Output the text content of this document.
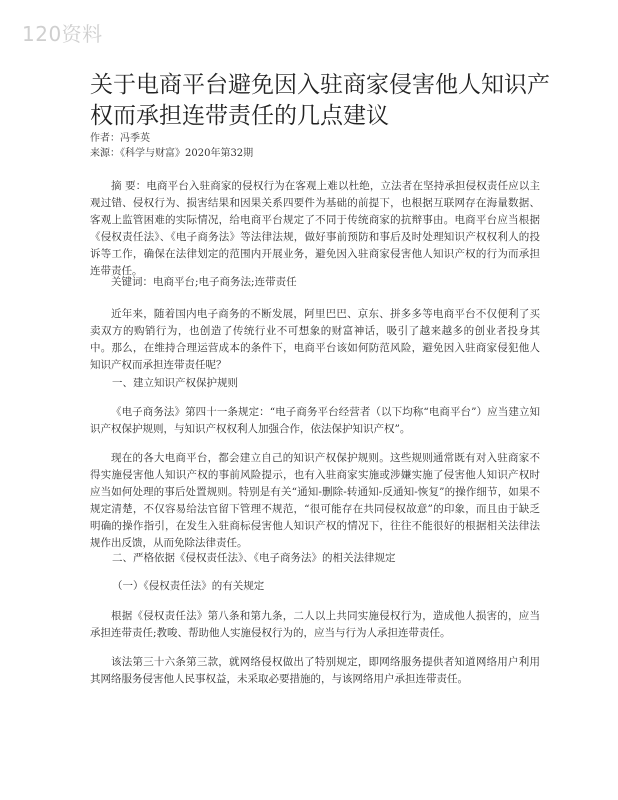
120资料
关于电商平台避免因入驻商家侵害他人知识产权而承担连带责任的几点建议
作者：冯季英
来源：《科学与财富》2020年第32期

摘 要：电商平台入驻商家的侵权行为在客观上难以杜绝，立法者在坚持承担侵权责任应以主观过错、侵权行为、损害结果和因果关系四要件为基础的前提下，也根据互联网存在海量数据、客观上监管困难的实际情况，给电商平台规定了不同于传统商家的抗辩事由。电商平台应当根据《侵权责任法》、《电子商务法》等法律法规，做好事前预防和事后及时处理知识产权权利人的投诉等工作，确保在法律划定的范围内开展业务，避免因入驻商家侵害他人知识产权的行为而承担连带责任。

关键词：电商平台;电子商务法;连带责任

近年来，随着国内电子商务的不断发展，阿里巴巴、京东、拼多多等电商平台不仅便利了买卖双方的购销行为，也创造了传统行业不可想象的财富神话，吸引了越来越多的创业者投身其中。那么，在维持合理运营成本的条件下，电商平台该如何防范风险，避免因入驻商家侵犯他人知识产权而承担连带责任呢？

一、建立知识产权保护规则

《电子商务法》第四十一条规定：“电子商务平台经营者（以下均称“电商平台”）应当建立知识产权保护规则，与知识产权权利人加强合作，依法保护知识产权”。

现在的各大电商平台，都会建立自己的知识产权保护规则。这些规则通常既有对入驻商家不得实施侵害他人知识产权的事前风险提示，也有入驻商家实施或涉嫌实施了侵害他人知识产权时应当如何处理的事后处置规则。特别是有关“通知-删除-转通知-反通知-恢复”的操作细节，如果不规定清楚，不仅容易给法官留下管理不规范，“很可能存在共同侵权故意”的印象，而且由于缺乏明确的操作指引，在发生入驻商标侵害他人知识产权的情况下，往往不能很好的根据相关法律法规作出反馈，从而免除法律责任。

二、严格依据《侵权责任法》、《电子商务法》的相关法律规定
（一）《侵权责任法》的有关规定

根据《侵权责任法》第八条和第九条，二人以上共同实施侵权行为，造成他人损害的，应当承担连带责任;教唆、帮助他人实施侵权行为的，应当与行为人承担连带责任。

该法第三十六条第三款，就网络侵权做出了特别规定，即网络服务提供者知道网络用户利用其网络服务侵害他人民事权益，未采取必要措施的，与该网络用户承担连带责任。
